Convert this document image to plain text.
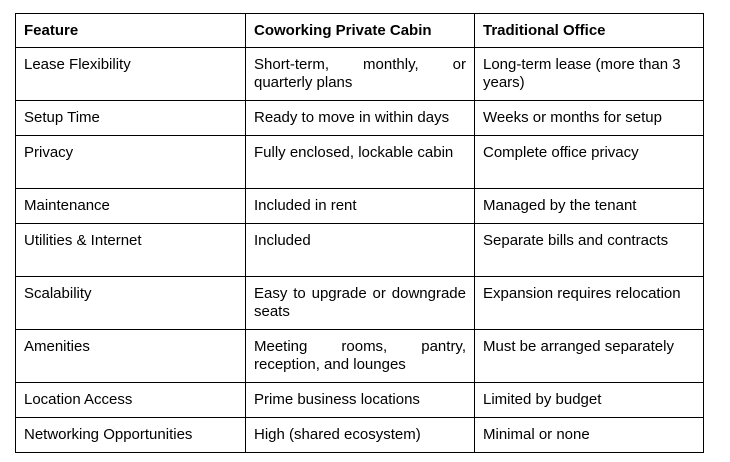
Feature	Coworking Private Cabin	Traditional Office
Lease Flexibility	Short-term, monthly, or quarterly plans	Long-term lease (more than 3 years)
Setup Time	Ready to move in within days	Weeks or months for setup
Privacy	Fully enclosed, lockable cabin	Complete office privacy
Maintenance	Included in rent	Managed by the tenant
Utilities & Internet	Included	Separate bills and contracts
Scalability	Easy to upgrade or downgrade seats	Expansion requires relocation
Amenities	Meeting rooms, pantry, reception, and lounges	Must be arranged separately
Location Access	Prime business locations	Limited by budget
Networking Opportunities	High (shared ecosystem)	Minimal or none
